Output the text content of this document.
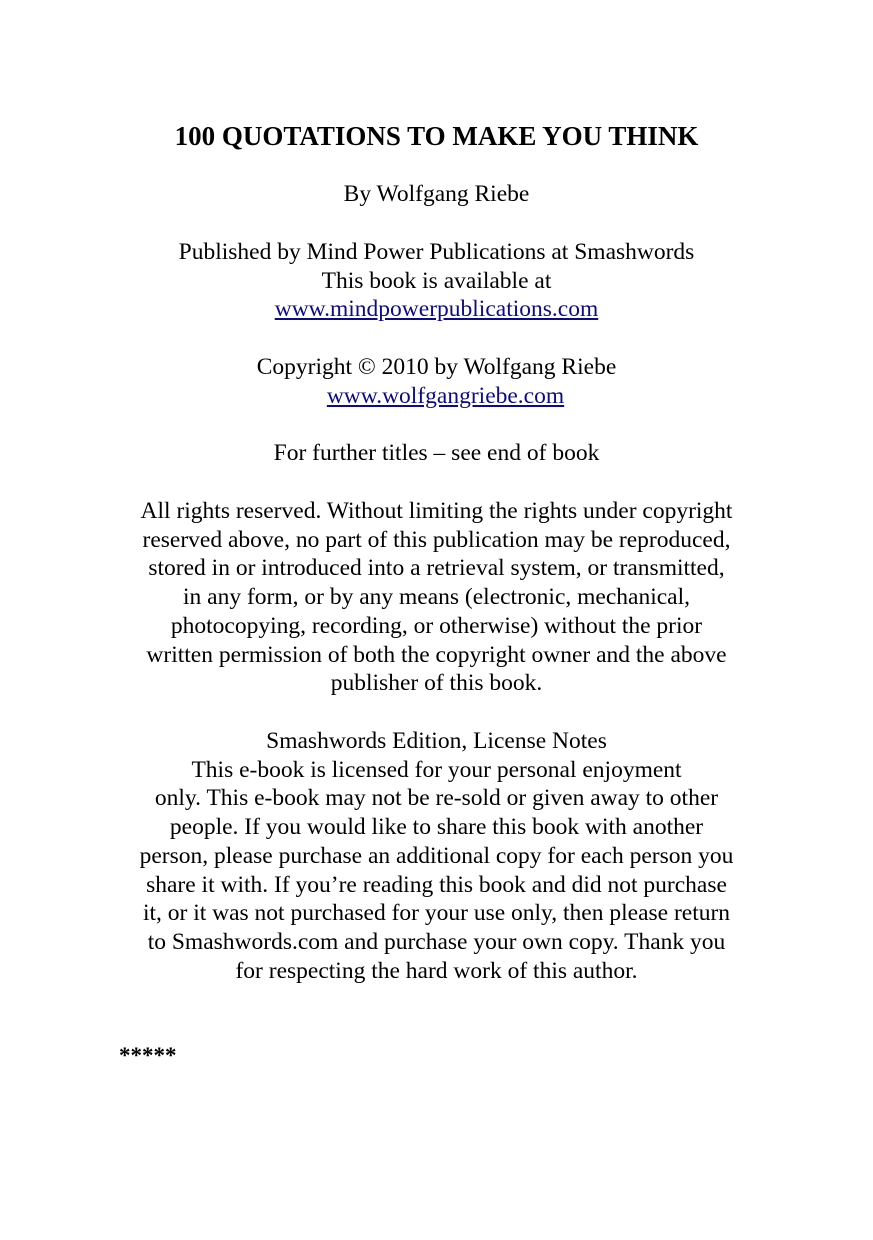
100 QUOTATIONS TO MAKE YOU THINK

By Wolfgang Riebe

Published by Mind Power Publications at Smashwords
This book is available at
www.mindpowerpublications.com
Copyright © 2010 by Wolfgang Riebe
www.wolfgangriebe.com

For further titles – see end of book

All rights reserved. Without limiting the rights under copyright
reserved above, no part of this publication may be reproduced,
stored in or introduced into a retrieval system, or transmitted,
in any form, or by any means (electronic, mechanical,
photocopying, recording, or otherwise) without the prior
written permission of both the copyright owner and the above
publisher of this book.
Smashwords Edition, License Notes
This e-book is licensed for your personal enjoyment
only. This e-book may not be re-sold or given away to other
people. If you would like to share this book with another
person, please purchase an additional copy for each person you
share it with. If you’re reading this book and did not purchase
it, or it was not purchased for your use only, then please return
to Smashwords.com and purchase your own copy. Thank you
for respecting the hard work of this author.

*****
